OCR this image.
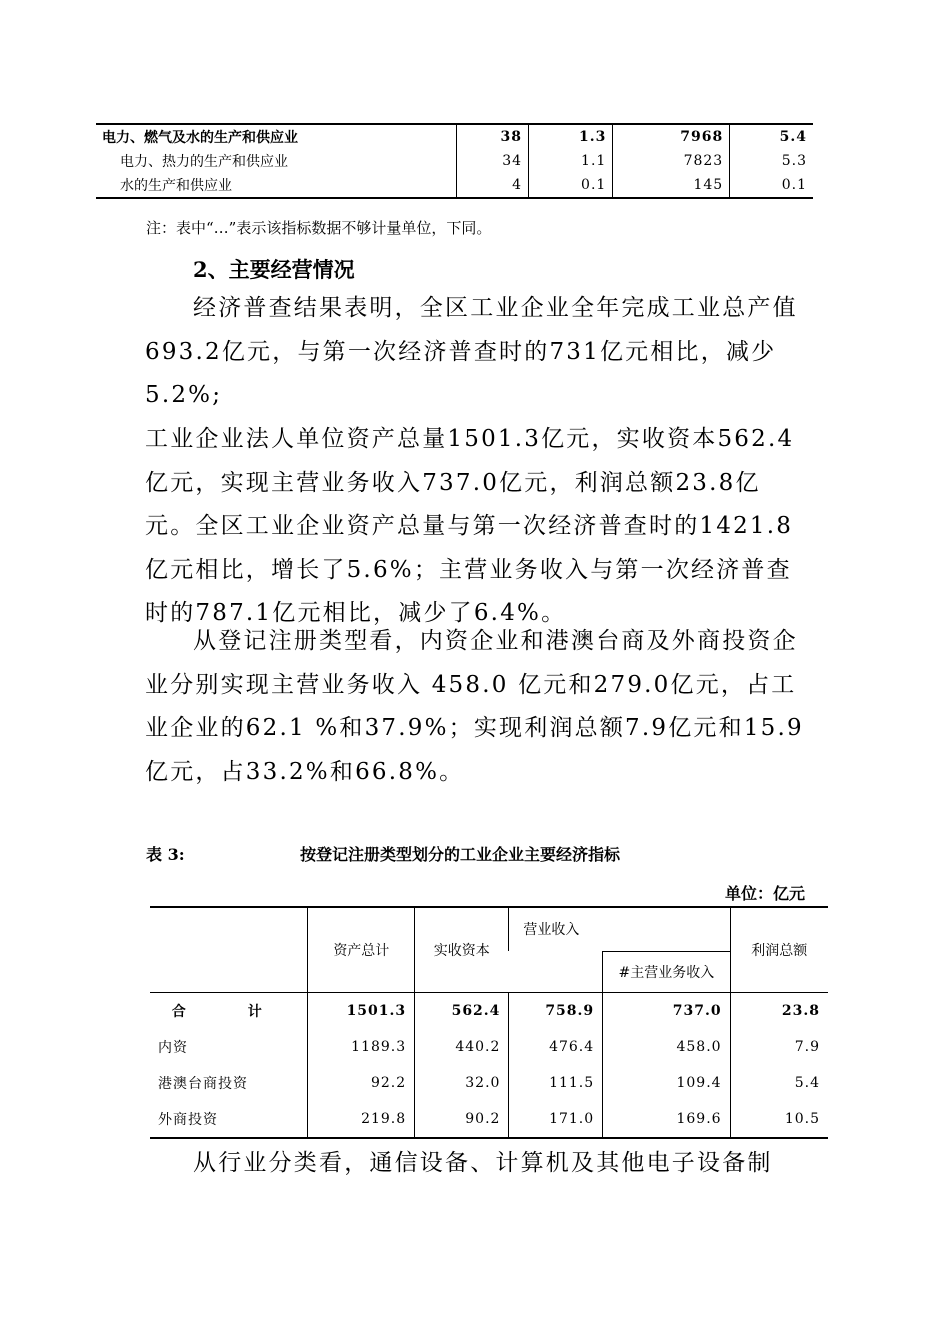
电力、燃气及水的生产和供应业	38	1.3	7968	5.4
电力、热力的生产和供应业	34	1.1	7823	5.3
水的生产和供应业	4	0.1	145	0.1
注：表中“…”表示该指标数据不够计量单位，下同。
2、主要经营情况
经济普查结果表明，全区工业企业全年完成工业总产值693.2亿元，与第一次经济普查时的731亿元相比，减少5.2%;
工业企业法人单位资产总量1501.3亿元，实收资本562.4亿元，实现主营业务收入737.0亿元，利润总额23.8亿元。全区工业企业资产总量与第一次经济普查时的1421.8亿元相比，增长了5.6%；主营业务收入与第一次经济普查时的787.1亿元相比，减少了6.4%。
从登记注册类型看，内资企业和港澳台商及外商投资企业分别实现主营业务收入 458.0 亿元和279.0亿元，占工业企业的62.1 %和37.9%；实现利润总额7.9亿元和15.9亿元，占33.2%和66.8%。
表 3:	按登记注册类型划分的工业企业主要经济指标
单位：亿元
	资产总计	实收资本	营业收入		利润总额
				#主营业务收入	
合　计	1501.3	562.4	758.9	737.0	23.8
内资	1189.3	440.2	476.4	458.0	7.9
港澳台商投资	92.2	32.0	111.5	109.4	5.4
外商投资	219.8	90.2	171.0	169.6	10.5
从行业分类看，通信设备、计算机及其他电子设备制
